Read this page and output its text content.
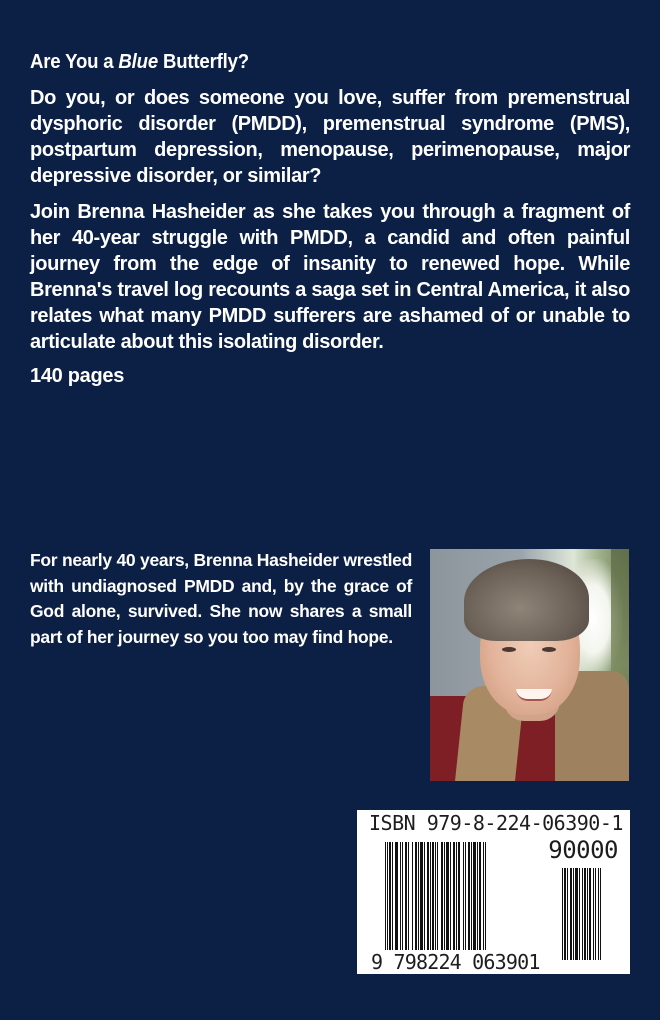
Are You a Blue Butterfly?

Do you, or does someone you love, suffer from premenstrual dysphoric disorder (PMDD), premenstrual syndrome (PMS), postpartum depression, menopause, perimenopause, major depressive disorder, or similar?

Join Brenna Hasheider as she takes you through a fragment of her 40-year struggle with PMDD, a candid and often painful journey from the edge of insanity to renewed hope. While Brenna's travel log recounts a saga set in Central America, it also relates what many PMDD sufferers are ashamed of or unable to articulate about this isolating disorder.

140 pages
For nearly 40 years, Brenna Hasheider wrestled with undiagnosed PMDD and, by the grace of God alone, survived. She now shares a small part of her journey so you too may find hope.
ISBN 979-8-224-06390-1
90000
9 798224 063901
